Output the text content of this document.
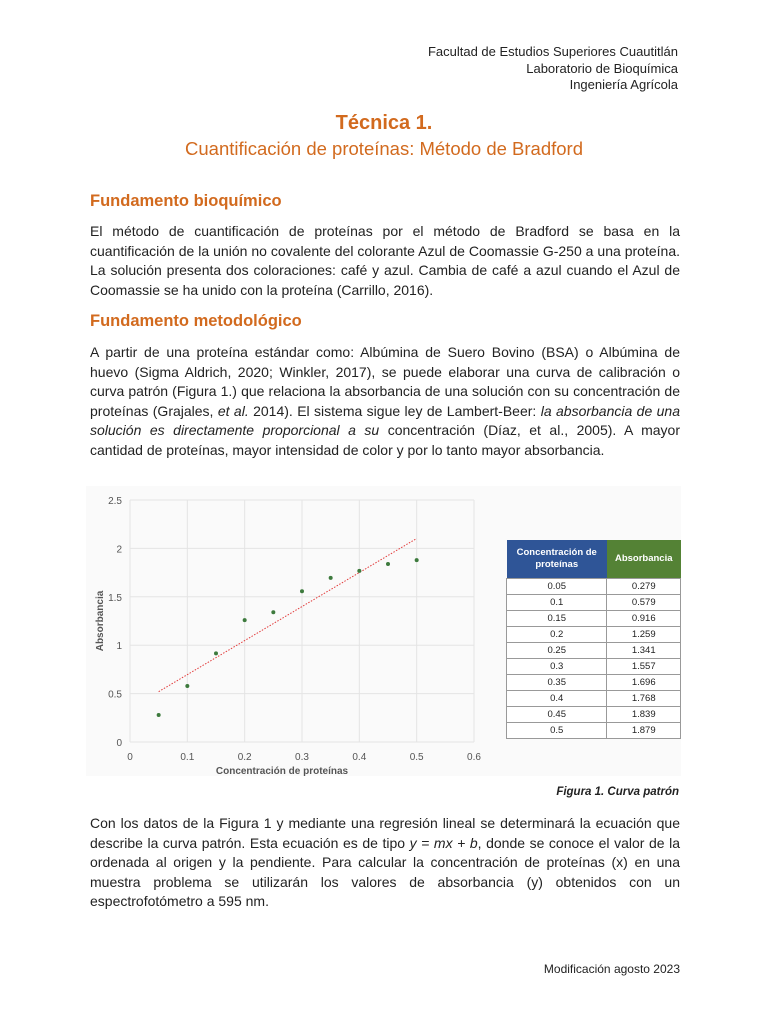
Facultad de Estudios Superiores Cuautitlán
Laboratorio de Bioquímica
Ingeniería Agrícola
Técnica 1.
Cuantificación de proteínas: Método de Bradford
Fundamento bioquímico
El método de cuantificación de proteínas por el método de Bradford se basa en la cuantificación de la unión no covalente del colorante Azul de Coomassie G-250 a una proteína. La solución presenta dos coloraciones: café y azul. Cambia de café a azul cuando el Azul de Coomassie se ha unido con la proteína (Carrillo, 2016).
Fundamento metodológico
A partir de una proteína estándar como: Albúmina de Suero Bovino (BSA) o Albúmina de huevo (Sigma Aldrich, 2020; Winkler, 2017), se puede elaborar una curva de calibración o curva patrón (Figura 1.) que relaciona la absorbancia de una solución con su concentración de proteínas (Grajales, et al. 2014). El sistema sigue ley de Lambert-Beer: la absorbancia de una solución es directamente proporcional a su concentración (Díaz, et al., 2005). A mayor cantidad de proteínas, mayor intensidad de color y por lo tanto mayor absorbancia.
0	0.1	0.2	0.3	0.4	0.5	0.6
0
0.5
1
1.5
2
2.5
Concentración de proteínas
Absorbancia
Concentración de proteínas	Absorbancia
0.05	0.279
0.1	0.579
0.15	0.916
0.2	1.259
0.25	1.341
0.3	1.557
0.35	1.696
0.4	1.768
0.45	1.839
0.5	1.879
Figura 1. Curva patrón
Con los datos de la Figura 1 y mediante una regresión lineal se determinará la ecuación que describe la curva patrón. Esta ecuación es de tipo y = mx + b, donde se conoce el valor de la ordenada al origen y la pendiente. Para calcular la concentración de proteínas (x) en una muestra problema se utilizarán los valores de absorbancia (y) obtenidos con un espectrofotómetro a 595 nm.
Modificación agosto 2023
